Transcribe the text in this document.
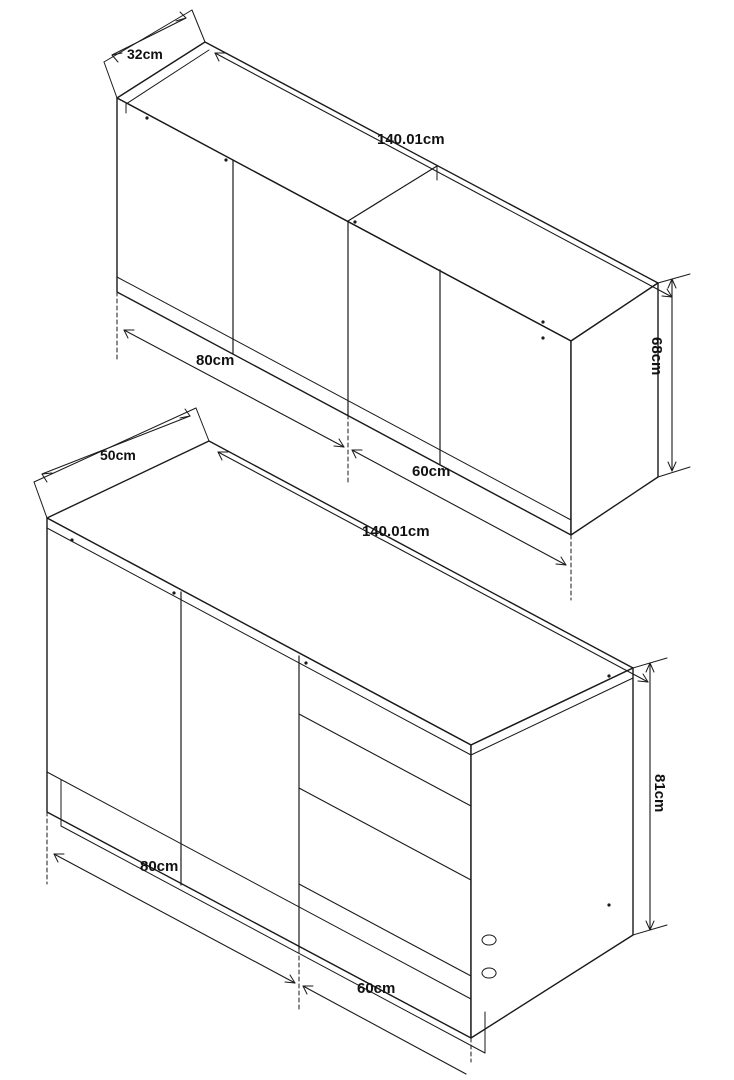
32cm
140.01cm
80cm
60cm
68cm
50cm
140.01cm
80cm
60cm
81cm
